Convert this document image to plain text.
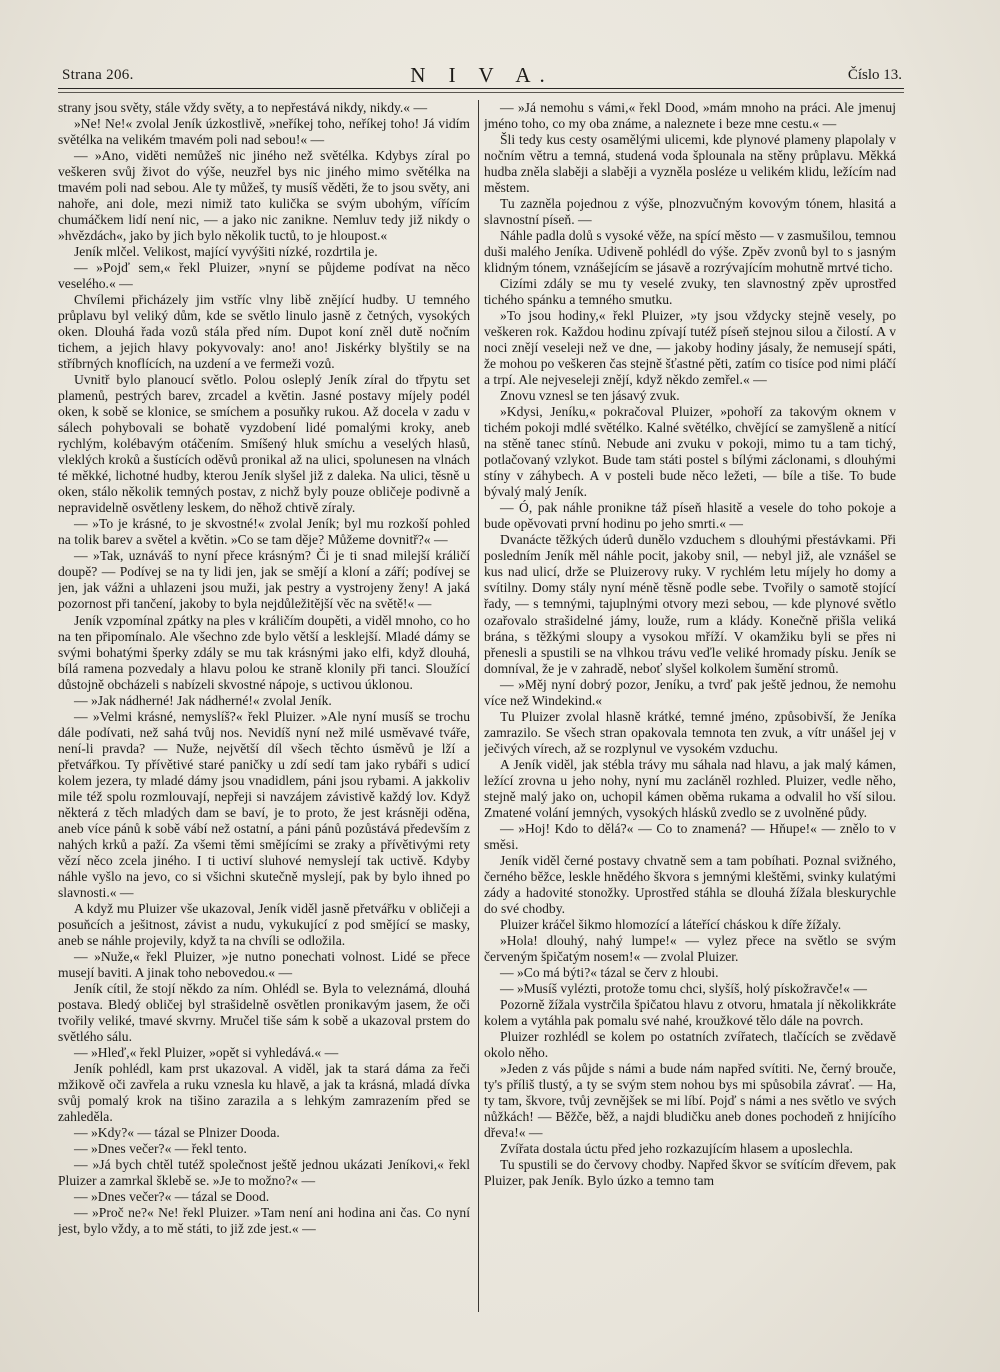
Strana 206.	N I V A.	Číslo 13.

strany jsou světy, stále vždy světy, a to nepřestává nikdy, nikdy.« —

»Ne! Ne!« zvolal Jeník úzkostlivě, »neříkej toho, neříkej toho! Já vidím světélka na velikém tmavém poli nad sebou!« —

— »Ano, vidĕti nemůžeš nic jiného než světélka. Kdybys zíral po veškeren svůj život do výše, neuzřel bys nic jiného mimo světélka na tmavém poli nad sebou. Ale ty můžeš, ty musíš věděti, že to jsou světy, ani nahoře, ani dole, mezi nimiž tato kulička se svým ubohým, vířícím chumáčkem lidí není nic, — a jako nic zanikne. Nemluv tedy již nikdy o »hvězdách«, jako by jich bylo několik tuctů, to je hloupost.«

Jeník mlčel. Velikost, mající vyvýšiti nízké, rozdrtila je.

— »Pojď sem,« řekl Pluizer, »nyní se půjdeme podívat na něco veselého.« —

Chvílemi přicházely jim vstříc vlny libě znějící hudby. U temného průplavu byl veliký dům, kde se světlo linulo jasně z četných, vysokých oken. Dlouhá řada vozů stála před ním. Dupot koní zněl dutě nočním tichem, a jejich hlavy pokyvovaly: ano! ano! Jiskérky blyštily se na stříbrných knoflících, na uzdení a ve fermeži vozů.

Uvnitř bylo planoucí světlo. Polou osleplý Jeník zíral do třpytu set plamenů, pestrých barev, zrcadel a květin. Jasné postavy míjely podél oken, k sobě se klonice, se smíchem a posuňky rukou. Až docela v zadu v sálech pohybovali se bohatě vyzdobení lidé pomalými kroky, aneb rychlým, kolébavým otáčením. Smíšený hluk smíchu a veselých hlasů, vleklých kroků a šustících oděvů pronikal až na ulici, spolunesen na vlnách té měkké, lichotné hudby, kterou Jeník slyšel již z daleka. Na ulici, těsně u oken, stálo několik temných postav, z nichž byly pouze obličeje podivně a nepravidelně osvětleny leskem, do něhož chtivě zíraly.

— »To je krásné, to je skvostné!« zvolal Jeník; byl mu rozkoší pohled na tolik barev a světel a květin. »Co se tam děje? Můžeme dovnitř?« —

— »Tak, uznáváš to nyní přece krásným? Či je ti snad milejší králičí doupě? — Podívej se na ty lidi jen, jak se smějí a kloní a září; podívej se jen, jak vážni a uhlazeni jsou muži, jak pestry a vystrojeny ženy! A jaká pozornost při tančení, jakoby to byla nejdůležitější věc na světě!« —

Jeník vzpomínal zpátky na ples v králičím doupěti, a viděl mnoho, co ho na ten připomínalo. Ale všechno zde bylo větší a lesklejší. Mladé dámy se svými bohatými šperky zdály se mu tak krásnými jako elfi, když dlouhá, bílá ramena pozvedaly a hlavu polou ke straně klonily při tanci. Sloužící důstojně obcházeli s nabízeli skvostné nápoje, s uctivou úklonou.

— »Jak nádherné! Jak nádherné!« zvolal Jeník.

— »Velmi krásné, nemyslíš?« řekl Pluizer. »Ale nyní musíš se trochu dále podívati, než sahá tvůj nos. Nevidíš nyní než milé usměvavé tváře, není-li pravda? — Nuže, největší díl všech těchto úsměvů je lží a přetvářkou. Ty přívětivé staré paničky u zdí sedí tam jako rybáři s udicí kolem jezera, ty mladé dámy jsou vnadidlem, páni jsou rybami. A jakkoliv mile též spolu rozmlouvají, nepřeji si navzájem závistivě každý lov. Když některá z těch mladých dam se baví, je to proto, že jest krásněji oděna, aneb více pánů k sobě vábí než ostatní, a páni pánů pozůstává především z nahých krků a paží. Za všemi těmi smějícími se zraky a přívětivými rety vězí něco zcela jiného. I ti uctiví sluhové nemyslejí tak uctivě. Kdyby náhle vyšlo na jevo, co si všichni skutečně myslejí, pak by bylo ihned po slavnosti.« —

A když mu Pluizer vše ukazoval, Jeník viděl jasně přetvářku v obličeji a posuňcích a ješitnost, závist a nudu, vykukující z pod smějící se masky, aneb se náhle projevily, když ta na chvíli se odložila.

— »Nuže,« řekl Pluizer, »je nutno ponechati volnost. Lidé se přece musejí baviti. A jinak toho nebovedou.« —

Jeník cítil, že stojí někdo za ním. Ohlédl se. Byla to veleznámá, dlouhá postava. Bledý obličej byl strašidelně osvětlen pronikavým jasem, že oči tvořily veliké, tmavé skvrny. Mručel tiše sám k sobě a ukazoval prstem do světlého sálu.

— »Hleď,« řekl Pluizer, »opět si vyhledává.« —

Jeník pohlédl, kam prst ukazoval. A viděl, jak ta stará dáma za řeči mžikově oči zavřela a ruku vznesla ku hlavě, a jak ta krásná, mladá dívka svůj pomalý krok na tišino zarazila a s lehkým zamrazením před se zahleděla.

— »Kdy?« — tázal se Plnizer Dooda.

— »Dnes večer?« — řekl tento.

— »Já bych chtěl tutéž společnost ještě jednou ukázati Jeníkovi,« řekl Pluizer a zamrkal šklebě se. »Je to možno?« —

— »Dnes večer?« — tázal se Dood.

— »Proč ne?« Ne! řekl Pluizer. »Tam není ani hodina ani čas. Co nyní jest, bylo vždy, a to mě státi, to již zde jest.« —

— »Já nemohu s vámi,« řekl Dood, »mám mnoho na práci. Ale jmenuj jméno toho, co my oba známe, a naleznete i beze mne cestu.« —

Šli tedy kus cesty osamělými ulicemi, kde plynové plameny plapolaly v nočním větru a temná, studená voda šplounala na stěny průplavu. Měkká hudba zněla slaběji a slaběji a vyzněla posléze u velikém klidu, ležícím nad městem.

Tu zazněla pojednou z výše, plnozvučným kovovým tónem, hlasitá a slavnostní píseň. —

Náhle padla dolů s vysoké věže, na spící město — v zasmušilou, temnou duši malého Jeníka. Udiveně pohlédl do výše. Zpěv zvonů byl to s jasným klidným tónem, vznášejícím se jásavě a rozrývajícím mohutně mrtvé ticho.

Cizími zdály se mu ty veselé zvuky, ten slavnostný zpěv uprostřed tichého spánku a temného smutku.

»To jsou hodiny,« řekl Pluizer, »ty jsou vždycky stejně vesely, po veškeren rok. Každou hodinu zpívají tutéž píseň stejnou silou a čilostí. A v noci znějí veseleji než ve dne, — jakoby hodiny jásaly, že nemusejí spáti, že mohou po veškeren čas stejně šťastné pěti, zatím co tisíce pod nimi pláčí a trpí. Ale nejveseleji znějí, když někdo zemřel.« —

Znovu vznesl se ten jásavý zvuk.

»Kdysi, Jeníku,« pokračoval Pluizer, »pohoří za takovým oknem v tichém pokoji mdlé světélko. Kalné světélko, chvějící se zamyšleně a nitící na stěně tanec stínů. Nebude ani zvuku v pokoji, mimo tu a tam tichý, potlačovaný vzlykot. Bude tam státi postel s bílými záclonami, s dlouhými stíny v záhybech. A v posteli bude něco ležeti, — bíle a tiše. To bude bývalý malý Jeník.

— Ó, pak náhle pronikne táž píseň hlasitě a vesele do toho pokoje a bude opěvovati první hodinu po jeho smrti.« —

Dvanácte těžkých úderů dunělo vzduchem s dlouhými přestávkami. Při posledním Jeník měl náhle pocit, jakoby snil, — nebyl již, ale vznášel se kus nad ulicí, drže se Pluizerovy ruky. V rychlém letu míjely ho domy a svítilny. Domy stály nyní méně těsně podle sebe. Tvořily o samotě stojící řady, — s temnými, tajuplnými otvory mezi sebou, — kde plynové světlo ozařovalo strašidelné jámy, louže, rum a klády. Konečně přišla veliká brána, s těžkými sloupy a vysokou mříží. V okamžiku byli se přes ni přenesli a spustili se na vlhkou trávu veďle veliké hromady písku. Jeník se domníval, že je v zahradě, neboť slyšel kolkolem šumění stromů.

— »Měj nyní dobrý pozor, Jeníku, a tvrď pak ještě jednou, že nemohu více než Windekind.«

Tu Pluizer zvolal hlasně krátké, temné jméno, způsobivší, že Jeníka zamrazilo. Se všech stran opakovala temnota ten zvuk, a vítr unášel jej v ječivých vírech, až se rozplynul ve vysokém vzduchu.

A Jeník viděl, jak stébla trávy mu sáhala nad hlavu, a jak malý kámen, ležící zrovna u jeho nohy, nyní mu zacláněl rozhled. Pluizer, vedle něho, stejně malý jako on, uchopil kámen oběma rukama a odvalil ho vší silou. Zmatené volání jemných, vysokých hlásků zvedlo se z uvolněné půdy.

— »Hoj! Kdo to dělá?« — Co to znamená? — Hňupe!« — znělo to v směsi.

Jeník viděl černé postavy chvatně sem a tam pobíhati. Poznal svižného, černého běžce, leskle hnědého škvora s jemnými kleštěmi, svinky kulatými zády a hadovité stonožky. Uprostřed stáhla se dlouhá žížala bleskurychle do své chodby.

Pluizer kráčel šikmo hlomozící a láteřící cháskou k díře žížaly.

»Hola! dlouhý, nahý lumpe!« — vylez přece na světlo se svým červeným špičatým nosem!« — zvolal Pluizer.

— »Co má býti?« tázal se červ z hloubi.

— »Musíš vylézti, protože tomu chci, slyšíš, holý pískožravče!« —

Pozorně žížala vystrčila špičatou hlavu z otvoru, hmatala jí několikkráte kolem a vytáhla pak pomalu své nahé, kroužkové tělo dále na povrch.

Pluizer rozhlédl se kolem po ostatních zvířatech, tlačících se zvědavě okolo něho.

»Jeden z vás půjde s námi a bude nám napřed svítiti. Ne, černý brouče, ty's příliš tlustý, a ty se svým stem nohou bys mi spůsobila závrať. — Ha, ty tam, škvore, tvůj zevnějšek se mi líbí. Pojď s námi a nes světlo ve svých nůžkách! — Běžče, běž, a najdi bludičku aneb dones pochodeň z hnijícího dřeva!« —

Zvířata dostala úctu před jeho rozkazujícím hlasem a uposlechla.

Tu spustili se do červovy chodby. Napřed škvor se svítícím dřevem, pak Pluizer, pak Jeník. Bylo úzko a temno tam
